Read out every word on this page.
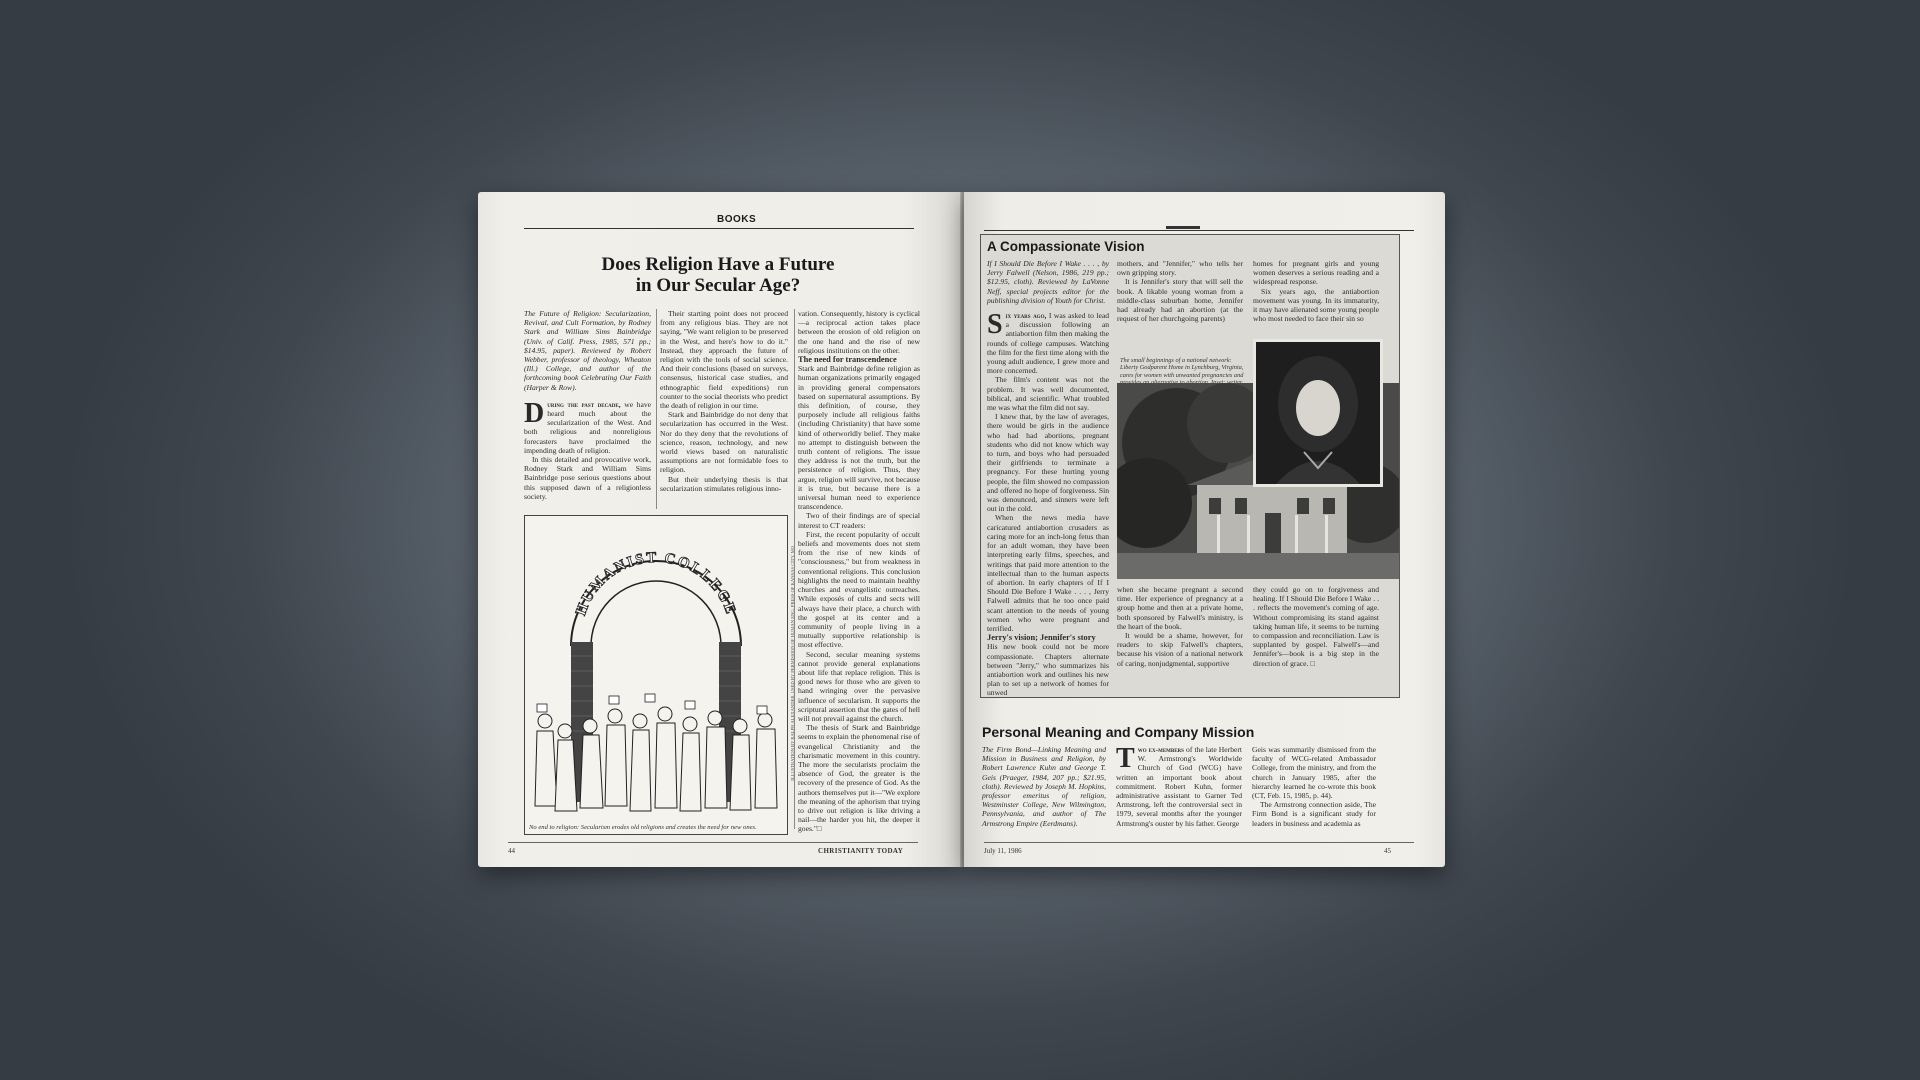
BOOKS
Does Religion Have a Future
in Our Secular Age?

The Future of Religion: Secularization, Revival, and Cult Formation, by Rodney Stark and William Sims Bainbridge (Univ. of Calif. Press, 1985, 571 pp.; $14.95, paper). Reviewed by Robert Webber, professor of theology, Wheaton (Ill.) College, and author of the forthcoming book Celebrating Our Faith (Harper & Row).

During the past decade, we have heard much about the secularization of the West. And both religious and nonreligious forecasters have proclaimed the impending death of religion.

In this detailed and provocative work, Rodney Stark and William Sims Bainbridge pose serious questions about this supposed dawn of a religionless society.

Their starting point does not proceed from any religious bias. They are not saying, "We want religion to be preserved in the West, and here's how to do it." Instead, they approach the future of religion with the tools of social science. And their conclusions (based on surveys, consensus, historical case studies, and ethnographic field expeditions) run counter to the social theorists who predict the death of religion in our time.

Stark and Bainbridge do not deny that secularization has occurred in the West. Nor do they deny that the revolutions of science, reason, technology, and new world views based on naturalistic assumptions are not formidable foes to religion.

But their underlying thesis is that secularization stimulates religious inno-

vation. Consequently, history is cyclical—a reciprocal action takes place between the erosion of old religion on the one hand and the rise of new religious institutions on the other.

The need for transcendence

Stark and Bainbridge define religion as human organizations primarily engaged in providing general compensators based on supernatural assumptions. By this definition, of course, they purposely include all religious faiths (including Christianity) that have some kind of otherworldly belief. They make no attempt to distinguish between the truth content of religions. The issue they address is not the truth, but the persistence of religion. Thus, they argue, religion will survive, not because it is true, but because there is a universal human need to experience transcendence.

Two of their findings are of special interest to CT readers:

First, the recent popularity of occult beliefs and movements does not stem from the rise of new kinds of "consciousness," but from weakness in conventional religions. This conclusion highlights the need to maintain healthy churches and evangelistic outreaches. While exposés of cults and sects will always have their place, a church with the gospel at its center and a community of people living in a mutually supportive relationship is most effective.

Second, secular meaning systems cannot provide general explanations about life that replace religion. This is good news for those who are given to hand wringing over the pervasive influence of secularism. It supports the scriptural assertion that the gates of hell will not prevail against the church.

The thesis of Stark and Bainbridge seems to explain the phenomenal rise of evangelical Christianity and the charismatic movement in this country. The more the secularists proclaim the absence of God, the greater is the recovery of the presence of God. As the authors themselves put it—"We explore the meaning of the aphorism that trying to drive out religion is like driving a nail—the harder you hit, the deeper it goes."□

HUMANIST COLLEGE	ILLUSTRATION BY RALPH ALEXANDER, USED BY PERMISSION OF HUMAN ENG. PRESS OF KANSAS CITY, MO
No end to religion: Secularism erodes old religions and creates the need for new ones.
44	CHRISTIANITY TODAY
A Compassionate Vision

If I Should Die Before I Wake . . . , by Jerry Falwell (Nelson, 1986, 219 pp.; $12.95, cloth). Reviewed by LaVonne Neff, special projects editor for the publishing division of Youth for Christ.

Six years ago, I was asked to lead a discussion following an antiabortion film then making the rounds of college campuses. Watching the film for the first time along with the young adult audience, I grew more and more concerned.

The film's content was not the problem. It was well documented, biblical, and scientific. What troubled me was what the film did not say.

I knew that, by the law of averages, there would be girls in the audience who had had abortions, pregnant students who did not know which way to turn, and boys who had persuaded their girlfriends to terminate a pregnancy. For these hurting young people, the film showed no compassion and offered no hope of forgiveness. Sin was denounced, and sinners were left out in the cold.

When the news media have caricatured antiabortion crusaders as caring more for an inch-long fetus than for an adult woman, they have been interpreting early films, speeches, and writings that paid more attention to the intellectual than to the human aspects of abortion. In early chapters of If I Should Die Before I Wake . . . , Jerry Falwell admits that he too once paid scant attention to the needs of young women who were pregnant and terrified.

Jerry's vision; Jennifer's story

His new book could not be more compassionate. Chapters alternate between "Jerry," who summarizes his antiabortion work and outlines his new plan to set up a network of homes for unwed

mothers, and "Jennifer," who tells her own gripping story.

It is Jennifer's story that will sell the book. A likable young woman from a middle-class suburban home, Jennifer had already had an abortion (at the request of her churchgoing parents)

homes for pregnant girls and young women deserves a serious reading and a widespread response.

Six years ago, the antiabortion movement was young. In its immaturity, it may have alienated some young people who most needed to face their sin so

The small beginnings of a national network: Liberty Godparent Home in Lynchburg, Virginia, cares for women with unwanted pregnancies and

when she became pregnant a second time. Her experience of pregnancy at a group home and then at a private home, both sponsored by Falwell's ministry, is the heart of the book.

It would be a shame, however, for readers to skip Falwell's chapters, because his vision of a national network of caring, nonjudgmental, supportive

they could go on to forgiveness and healing. If I Should Die Before I Wake . . . reflects the movement's coming of age. Without compromising its stand against taking human life, it seems to be turning to compassion and reconciliation. Law is supplanted by gospel. Falwell's—and Jennifer's—book is a big step in the direction of grace. □

Personal Meaning and Company Mission

The Firm Bond—Linking Meaning and Mission in Business and Religion, by Robert Lawrence Kuhn and George T. Geis (Praeger, 1984, 207 pp.; $21.95, cloth). Reviewed by Joseph M. Hopkins, professor emeritus of religion, Westminster College, New Wilmington, Pennsylvania, and author of The Armstrong Empire (Eerdmans).

Two ex-members of the late Herbert W. Armstrong's Worldwide Church of God (WCG) have written an important book about commitment. Robert Kuhn, former administrative assistant to Garner Ted Armstrong, left the controversial sect in 1979, several months after the younger Armstrong's ouster by his father. George

Geis was summarily dismissed from the faculty of WCG-related Ambassador College, from the ministry, and from the church in January 1985, after the hierarchy learned he co-wrote this book (CT, Feb. 15, 1985, p. 44).

The Armstrong connection aside, The Firm Bond is a significant study for leaders in business and academia as

July 11, 1986	45
